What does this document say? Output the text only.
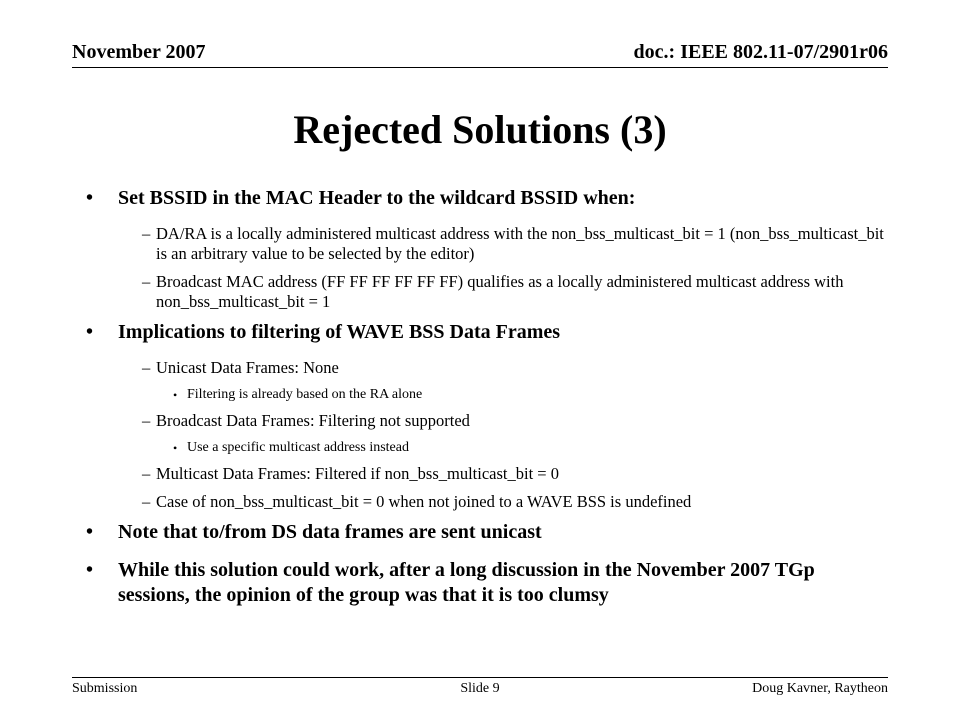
November 2007	doc.: IEEE 802.11-07/2901r06
Rejected Solutions (3)
• Set BSSID in the MAC Header to the wildcard BSSID when:
– DA/RA is a locally administered multicast address with the non_bss_multicast_bit = 1 (non_bss_multicast_bit is an arbitrary value to be selected by the editor)
– Broadcast MAC address (FF FF FF FF FF FF) qualifies as a locally administered multicast address with non_bss_multicast_bit = 1
• Implications to filtering of WAVE BSS Data Frames
– Unicast Data Frames: None
• Filtering is already based on the RA alone
– Broadcast Data Frames: Filtering not supported
• Use a specific multicast address instead
– Multicast Data Frames: Filtered if non_bss_multicast_bit = 0
– Case of non_bss_multicast_bit = 0 when not joined to a WAVE BSS is undefined
• Note that to/from DS data frames are sent unicast
• While this solution could work, after a long discussion in the November 2007 TGp sessions, the opinion of the group was that it is too clumsy
Submission	Slide 9	Doug Kavner, Raytheon
